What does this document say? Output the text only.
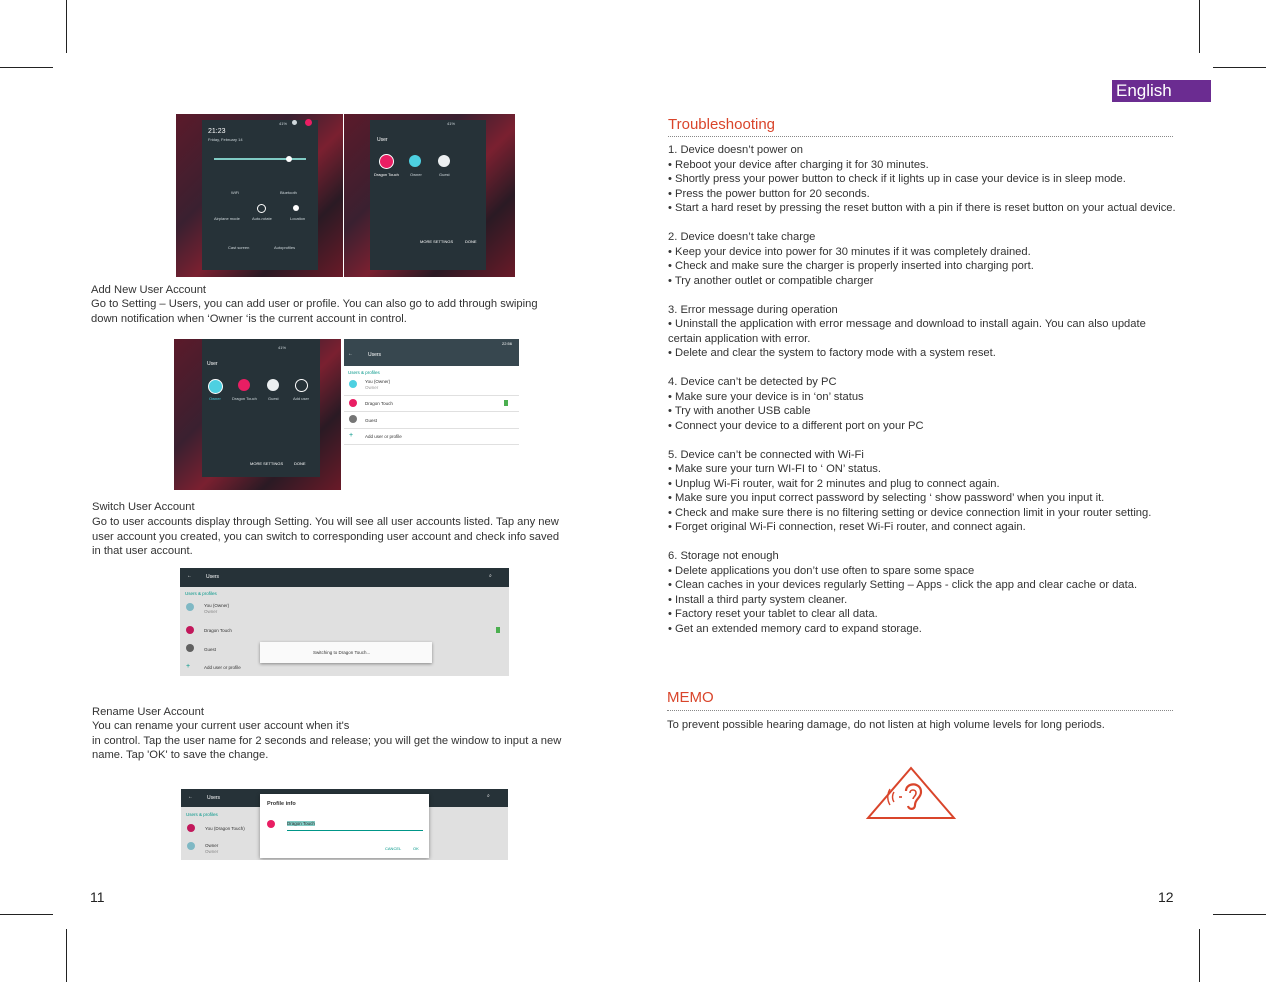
21:23
Friday, February 14
41%
WiFi	Bluetooth
Airplane mode	Auto-rotate	Location
Cast screen	Autoprofiles
41%
User
Dragon Touch	Owner	Guest
MORE SETTINGS	DONE
Add New User Account
Go to Setting – Users, you can add user or profile. You can also go to add through swiping
down notification when ‘Owner ‘is the current account in control.
41%
User
Owner	Dragon Touch	Guest	Add user
MORE SETTINGS	DONE
←	Users
22:56
Users & profiles
You (Owner)
Owner
Dragon Touch
Guest
+	Add user or profile
Switch User Account
Go to user accounts display through Setting. You will see all user accounts listed. Tap any new
user account you created, you can switch to corresponding user account and check info saved
in that user account.
←	Users	⌕
Users & profiles
You (Owner)
Owner
Dragon Touch
Guest
+	Add user or profile
Switching to Dragon Touch...
Rename User Account
You can rename your current user account when it's
in control. Tap the user name for 2 seconds and release; you will get the window to input a new
name. Tap 'OK' to save the change.
←	Users	⌕
Users & profiles
You (Dragon Touch)
Owner
Owner
Profile info
Dragon Touch
CANCEL	OK
11
English
Troubleshooting
1. Device doesn’t power on
• Reboot your device after charging it for 30 minutes.
• Shortly press your power button to check if it lights up in case your device is in sleep mode.
• Press the power button for 20 seconds.
• Start a hard reset by pressing the reset button with a pin if there is reset button on your actual device.
2. Device doesn’t take charge
• Keep your device into power for 30 minutes if it was completely drained.
• Check and make sure the charger is properly inserted into charging port.
• Try another outlet or compatible charger
3. Error message during operation
• Uninstall the application with error message and download to install again. You can also update certain application with error.
• Delete and clear the system to factory mode with a system reset.
4. Device can’t be detected by PC
• Make sure your device is in ‘on’ status
• Try with another USB cable
• Connect your device to a different port on your PC
5. Device can’t be connected with Wi-Fi
• Make sure your turn WI-FI to ‘ ON’ status.
• Unplug Wi-Fi router, wait for 2 minutes and plug to connect again.
• Make sure you input correct password by selecting ‘ show password’ when you input it.
• Check and make sure there is no filtering setting or device connection limit in your router setting.
• Forget original Wi-Fi connection, reset Wi-Fi router, and connect again.
6. Storage not enough
• Delete applications you don’t use often to spare some space
• Clean caches in your devices regularly Setting – Apps - click the app and clear cache or data.
• Install a third party system cleaner.
• Factory reset your tablet to clear all data.
• Get an extended memory card to expand storage.
MEMO
To prevent possible hearing damage, do not listen at high volume levels for long periods.
12
